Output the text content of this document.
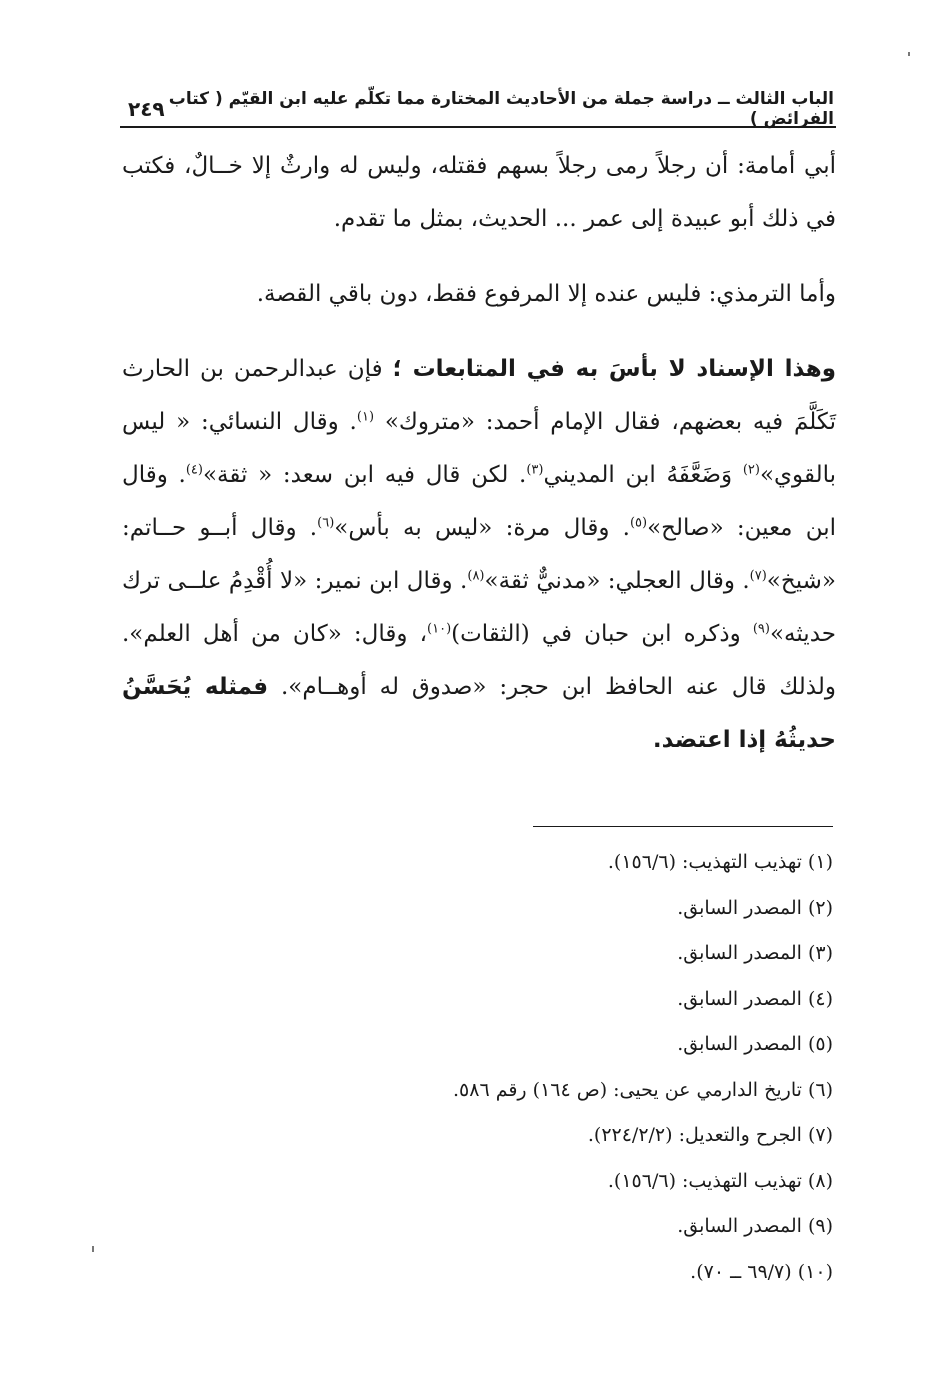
الباب الثالث ــ دراسة جملة من الأحاديث المختارة مما تكلّم عليه ابن القيّم ( كتاب الفرائض )
٢٤٩

أبي أمامة: أن رجلاً رمى رجلاً بسهم فقتله، وليس له وارثٌ إلا خــالٌ، فكتب في ذلك أبو عبيدة إلى عمر ... الحديث، بمثل ما تقدم.

وأما الترمذي: فليس عنده إلا المرفوع فقط، دون باقي القصة.

وهذا الإسناد لا بأسَ به في المتابعات ؛ فإن عبدالرحمن بن الحارث تَكَلَّمَ فيه بعضهم، فقال الإمام أحمد: «متروك» $^{(١)}$. وقال النسائي: « ليس بالقوي»$^{(٢)}$ وَضَعَّفَهُ ابن المديني$^{(٣)}$. لكن قال فيه ابن سعد: « ثقة»$^{(٤)}$. وقال ابن معين: «صالح»$^{(٥)}$. وقال مرة: «ليس به بأس»$^{(٦)}$. وقال أبــو حــاتم: «شيخ»$^{(٧)}$. وقال العجلي: «مدنيٌّ ثقة»$^{(٨)}$. وقال ابن نمير: «لا أُقْدِمُ علــى ترك حديثه»$^{(٩)}$ وذكره ابن حبان في (الثقات)$^{(١٠)}$، وقال: «كان من أهل العلم». ولذلك قال عنه الحافظ ابن حجر: «صدوق له أوهــام». فمثله يُحَسَّنُ حديثُهُ إذا اعتضد.

(١) تهذيب التهذيب: (١٥٦/٦).
(٢) المصدر السابق.
(٣) المصدر السابق.
(٤) المصدر السابق.
(٥) المصدر السابق.
(٦) تاريخ الدارمي عن يحيى: (ص ١٦٤) رقم ٥٨٦.
(٧) الجرح والتعديل: (٢٢٤/٢/٢).
(٨) تهذيب التهذيب: (١٥٦/٦).
(٩) المصدر السابق.
(١٠) (٦٩/٧ ــ ٧٠).
